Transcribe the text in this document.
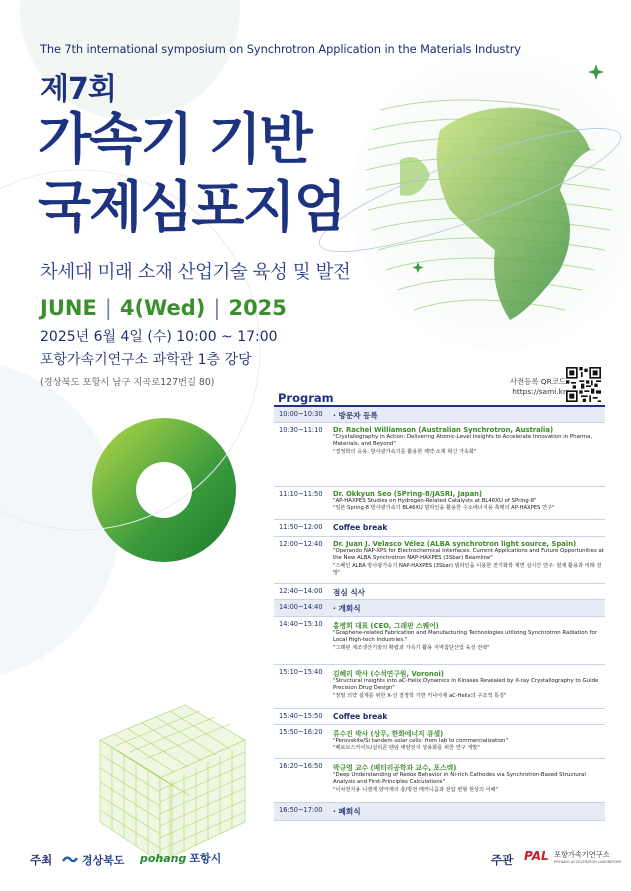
The 7th international symposium on Synchrotron Application in the Materials Industry
제7회
가속기 기반
국제심포지엄
차세대 미래 소재 산업기술 육성 및 발전
JUNE | 4(Wed) | 2025
2025년 6월 4일 (수) 10:00 ~ 17:00
포항가속기연구소 과학관 1층 강당
(경상북도 포항시 남구 지곡로127번길 80)
Program
사전등록 QR코드
https://sami.kr
10:00~10:30	· 방문자 등록
10:30~11:10	Dr. Rachel Williamson (Australian Synchrotron, Australia)
"Crystallography in Action: Delivering Atomic-Level Insights to Accelerate Innovation in Pharma, Materials, and Beyond"
"결정학의 응용: 방사광가속기를 활용한 제약·소재 혁신 가속화"
11:10~11:50	Dr. Okkyun Seo (SPring-8/JASRI, Japan)
"AP-HAXPES Studies on Hydrogen-Related Catalysts at BL46XU of SPring-8"
"일본 Spring-8 방사광가속기 BL46XU 빔라인을 활용한 수소에너지용 촉매의 AP-HAXPES 연구"
11:50~12:00	Coffee break
12:00~12:40	Dr. Juan J. Velasco Vélez (ALBA synchrotron light source, Spain)
"Operando NAP-XPS for Electrochemical Interfaces: Current Applications and Future Opportunities at the New ALBA Synchrotron NAP-HAXPES (3Sbar) Beamline"
"스페인 ALBA 방사광가속기 NAP-HAXPES (3Sbar) 빔라인을 이용한 전기화학 계면 실시간 연구: 현재 활용과 미래 전망"
12:40~14:00	점심 식사
14:00~14:40	· 개회식
14:40~15:10	홍병희 대표 (CEO, 그래핀 스퀘어)
"Graphene-related Fabrication and Manufacturing Technologies utilizing Synchrotron Radiation for Local High-tech Industries."
"그래핀 제조생산기술의 확립과 가속기 활용 지역첨단산업 육성 전략"
15:10~15:40	김혜리 박사 (수석연구원, Voronoi)
"Structural Insights into aC-Helix Dynamics in Kinases Revealed by X-ray Crystallography to Guide Precision Drug Design"
"정밀 의약 설계를 위한 X-선 결정학 기반 키나아제 aC-Helix의 구조적 특징"
15:40~15:50	Coffee break
15:50~16:20	류수진 박사 (상무, 한화에너지 큐셀)
"Perovskite/Si tandem solar cells: from lab to commercialization"
"페로브스카이트/실리콘 탠덤 태양전지 상용화를 위한 연구 개발"
16:20~16:50	박규영 교수 (배터리공학과 교수, 포스텍)
"Deep Understanding of Redox Behavior in Ni-rich Cathodes via Synchrotron-Based Structural Analysis and First-Principles Calculations"
"이차전지용 니켈계 양극재의 충/방전 메커니즘과 전압 변형 현상의 이해"
16:50~17:00	· 폐회식
주최	경상북도 pohang 포항시	주관 PAL 포항가속기연구소
POHANG ACCELERATOR LABORATORY
